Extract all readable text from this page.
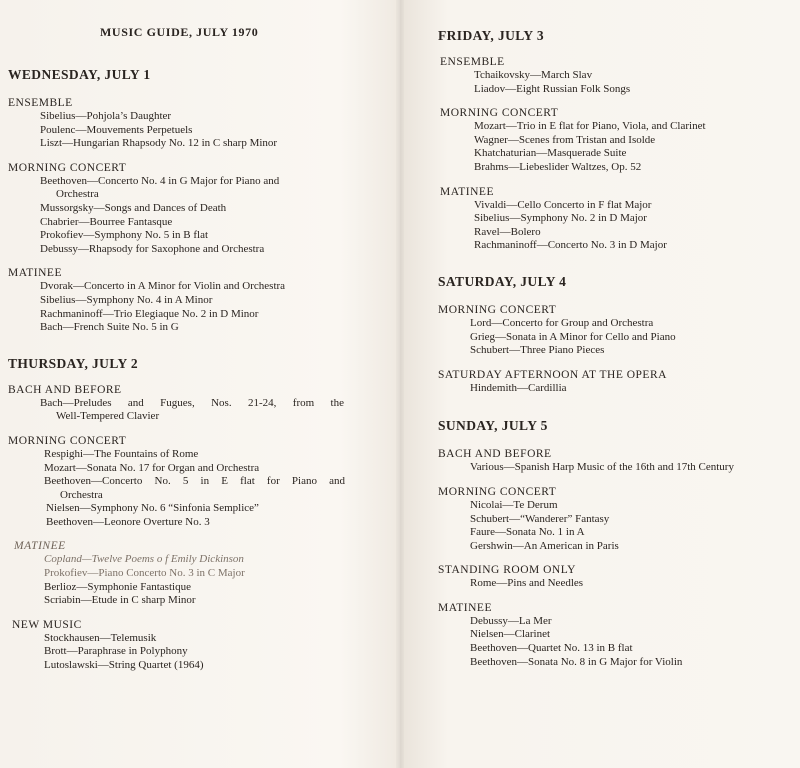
MUSIC GUIDE, JULY 1970
WEDNESDAY, JULY 1
ENSEMBLE
Sibelius—Pohjola’s Daughter
Poulenc—Mouvements Perpetuels
Liszt—Hungarian Rhapsody No. 12 in C sharp Minor
MORNING CONCERT
Beethoven—Concerto No. 4 in G Major for Piano and
Orchestra
Mussorgsky—Songs and Dances of Death
Chabrier—Bourree Fantasque
Prokofiev—Symphony No. 5 in B flat
Debussy—Rhapsody for Saxophone and Orchestra
MATINEE
Dvorak—Concerto in A Minor for Violin and Orchestra
Sibelius—Symphony No. 4 in A Minor
Rachmaninoff—Trio Elegiaque No. 2 in D Minor
Bach—French Suite No. 5 in G
THURSDAY, JULY 2
BACH AND BEFORE
Bach—Preludes and Fugues, Nos. 21-24, from the
Well-Tempered Clavier
MORNING CONCERT
Respighi—The Fountains of Rome
Mozart—Sonata No. 17 for Organ and Orchestra
Beethoven—Concerto No. 5 in E flat for Piano and
Orchestra
Nielsen—Symphony No. 6 “Sinfonia Semplice”
Beethoven—Leonore Overture No. 3
MATINEE
Copland—Twelve Poems o f Emily Dickinson
Prokofiev—Piano Concerto No. 3 in C Major
Berlioz—Symphonie Fantastique
Scriabin—Etude in C sharp Minor
NEW MUSIC
Stockhausen—Telemusik
Brott—Paraphrase in Polyphony
Lutoslawski—String Quartet (1964)
FRIDAY, JULY 3
ENSEMBLE
Tchaikovsky—March Slav
Liadov—Eight Russian Folk Songs
MORNING CONCERT
Mozart—Trio in E flat for Piano, Viola, and Clarinet
Wagner—Scenes from Tristan and Isolde
Khatchaturian—Masquerade Suite
Brahms—Liebeslider Waltzes, Op. 52
MATINEE
Vivaldi—Cello Concerto in F flat Major
Sibelius—Symphony No. 2 in D Major
Ravel—Bolero
Rachmaninoff—Concerto No. 3 in D Major
SATURDAY, JULY 4
MORNING CONCERT
Lord—Concerto for Group and Orchestra
Grieg—Sonata in A Minor for Cello and Piano
Schubert—Three Piano Pieces
SATURDAY AFTERNOON AT THE OPERA
Hindemith—Cardillia
SUNDAY, JULY 5
BACH AND BEFORE
Various—Spanish Harp Music of the 16th and 17th Century
MORNING CONCERT
Nicolai—Te Derum
Schubert—“Wanderer” Fantasy
Faure—Sonata No. 1 in A
Gershwin—An American in Paris
STANDING ROOM ONLY
Rome—Pins and Needles
MATINEE
Debussy—La Mer
Nielsen—Clarinet
Beethoven—Quartet No. 13 in B flat
Beethoven—Sonata No. 8 in G Major for Violin
